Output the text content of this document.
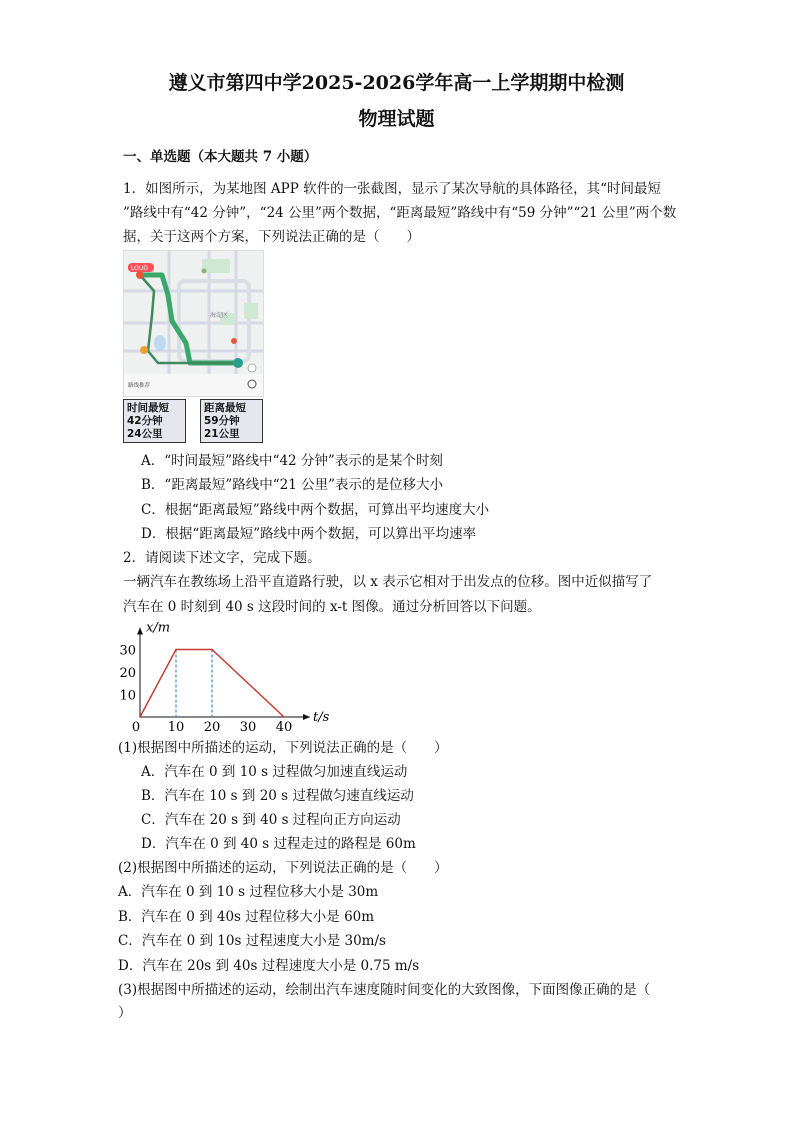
遵义市第四中学2025-2026学年高一上学期期中检测
物理试题
一、单选题（本大题共 7 小题）
1．如图所示，为某地图 APP 软件的一张截图，显示了某次导航的具体路径，其“时间最短
”路线中有“42 分钟”，“24 公里”两个数据，“距离最短”路线中有“59 分钟”“21 公里”两个数
据，关于这两个方案，下列说法正确的是（　　）
海淀区
路线推荐
LOUD
时间最短
42分钟
24公里
距离最短
59分钟
21公里
A．“时间最短”路线中“42 分钟”表示的是某个时刻
B．“距离最短”路线中“21 公里”表示的是位移大小
C．根据“距离最短”路线中两个数据，可算出平均速度大小
D．根据“距离最短”路线中两个数据，可以算出平均速率
2．请阅读下述文字，完成下题。
一辆汽车在教练场上沿平直道路行驶，以 x 表示它相对于出发点的位移。图中近似描写了
汽车在 0 时刻到 40 s 这段时间的 x-t 图像。通过分析回答以下问题。
t/s
x/m
0 10 20 30 40
10
20
30
(1)根据图中所描述的运动，下列说法正确的是（　　）
A．汽车在 0 到 10 s 过程做匀加速直线运动
B．汽车在 10 s 到 20 s 过程做匀速直线运动
C．汽车在 20 s 到 40 s 过程向正方向运动
D．汽车在 0 到 40 s 过程走过的路程是 60m
(2)根据图中所描述的运动，下列说法正确的是（　　）
A．汽车在 0 到 10 s 过程位移大小是 30m
B．汽车在 0 到 40s 过程位移大小是 60m
C．汽车在 0 到 10s 过程速度大小是 30m/s
D．汽车在 20s 到 40s 过程速度大小是 0.75 m/s
(3)根据图中所描述的运动，绘制出汽车速度随时间变化的大致图像，下面图像正确的是（
）
